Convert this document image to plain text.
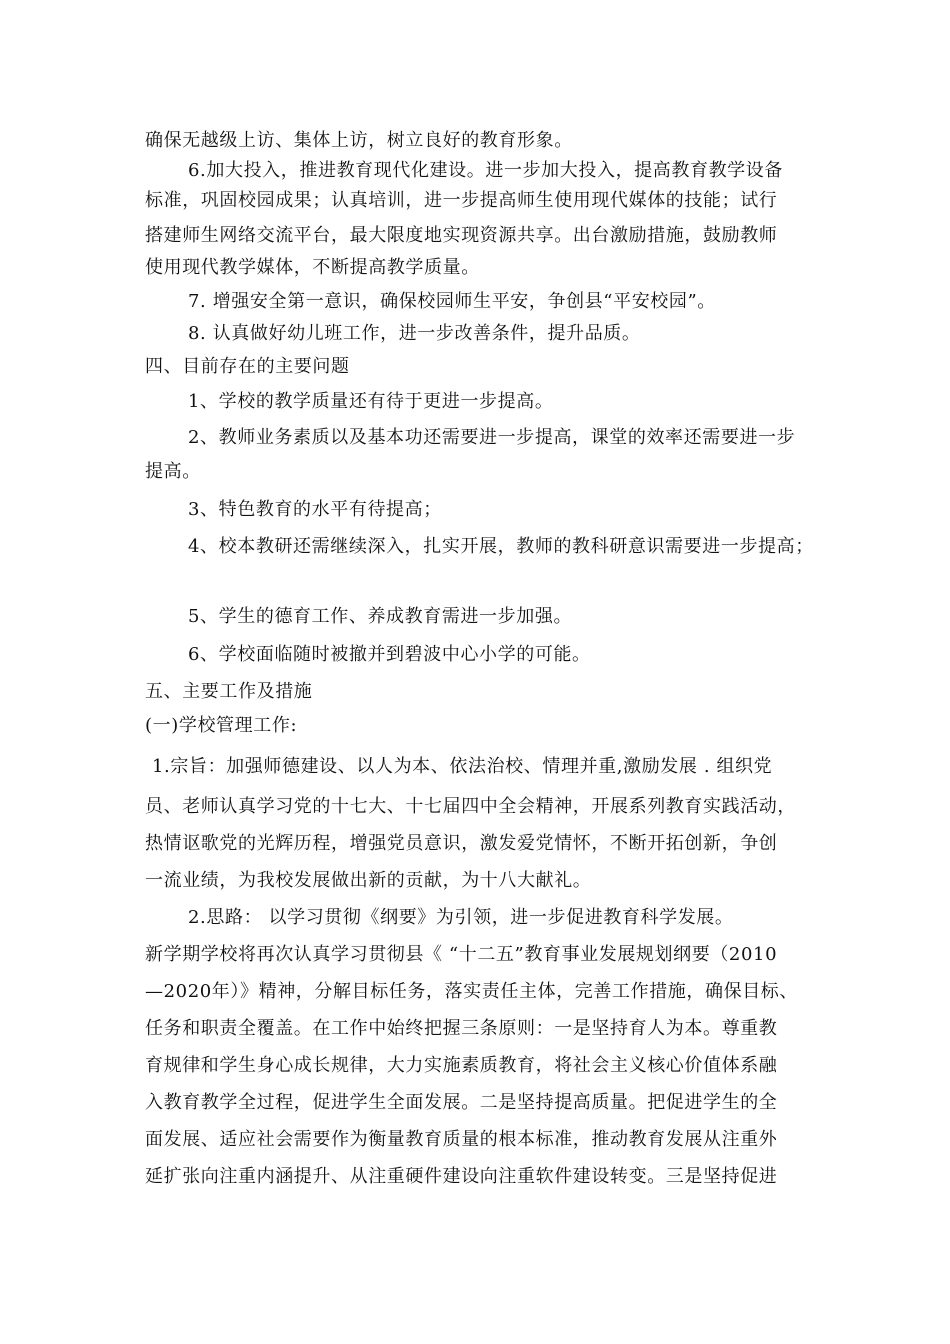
确保无越级上访、集体上访，树立良好的教育形象。
6.加大投入，推进教育现代化建设。进一步加大投入，提高教育教学设备
标准，巩固校园成果；认真培训，进一步提高师生使用现代媒体的技能；试行
搭建师生网络交流平台，最大限度地实现资源共享。出台激励措施，鼓励教师
使用现代教学媒体，不断提高教学质量。
7. 增强安全第一意识，确保校园师生平安，争创县“平安校园”。
8. 认真做好幼儿班工作，进一步改善条件，提升品质。
四、目前存在的主要问题
1、学校的教学质量还有待于更进一步提高。
2、教师业务素质以及基本功还需要进一步提高，课堂的效率还需要进一步
提高。
3、特色教育的水平有待提高；
4、校本教研还需继续深入，扎实开展，教师的教科研意识需要进一步提高；
5、学生的德育工作、养成教育需进一步加强。
6、学校面临随时被撤并到碧波中心小学的可能。
五、主要工作及措施
(一)学校管理工作:
1.宗旨：加强师德建设、以人为本、依法治校、情理并重,激励发展 . 组织党
员、老师认真学习党的十七大、十七届四中全会精神，开展系列教育实践活动，
热情讴歌党的光辉历程，增强党员意识，激发爱党情怀，不断开拓创新，争创
一流业绩，为我校发展做出新的贡献，为十八大献礼。
2.思路： 以学习贯彻《纲要》为引领，进一步促进教育科学发展。
新学期学校将再次认真学习贯彻县《 “十二五”教育事业发展规划纲要（2010
—2020年）》精神，分解目标任务，落实责任主体，完善工作措施，确保目标、
任务和职责全覆盖。在工作中始终把握三条原则：一是坚持育人为本。尊重教
育规律和学生身心成长规律，大力实施素质教育，将社会主义核心价值体系融
入教育教学全过程，促进学生全面发展。二是坚持提高质量。把促进学生的全
面发展、适应社会需要作为衡量教育质量的根本标准，推动教育发展从注重外
延扩张向注重内涵提升、从注重硬件建设向注重软件建设转变。三是坚持促进
